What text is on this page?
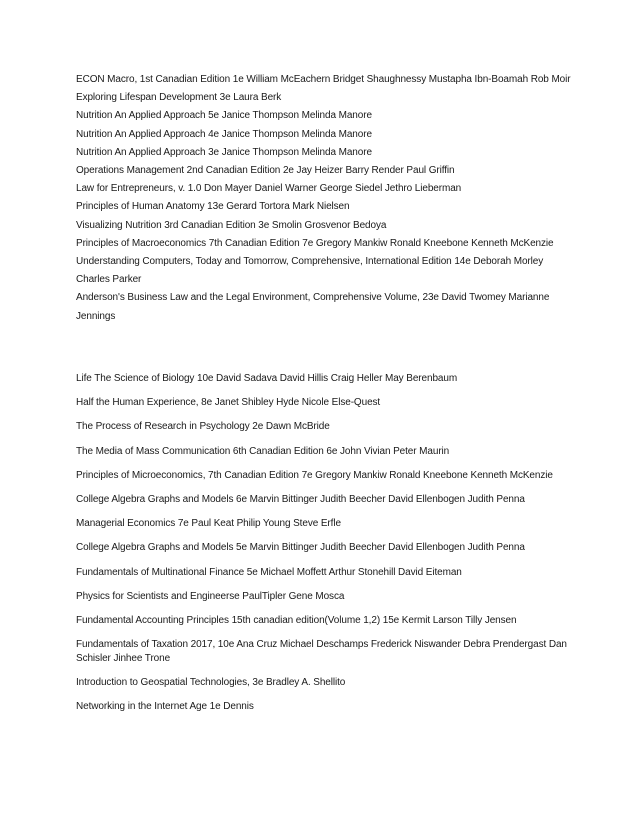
ECON Macro, 1st Canadian Edition 1e William McEachern Bridget Shaughnessy Mustapha Ibn-Boamah Rob Moir

Exploring Lifespan Development 3e Laura Berk

Nutrition An Applied Approach 5e Janice Thompson Melinda Manore

Nutrition An Applied Approach 4e Janice Thompson Melinda Manore

Nutrition An Applied Approach 3e Janice Thompson Melinda Manore

Operations Management 2nd Canadian Edition 2e Jay Heizer Barry Render Paul Griffin

Law for Entrepreneurs, v. 1.0 Don Mayer Daniel Warner George Siedel Jethro Lieberman

Principles of Human Anatomy 13e Gerard Tortora Mark Nielsen

Visualizing Nutrition 3rd Canadian Edition 3e Smolin Grosvenor Bedoya

Principles of Macroeconomics 7th Canadian Edition 7e Gregory Mankiw Ronald Kneebone Kenneth McKenzie

Understanding Computers, Today and Tomorrow, Comprehensive, International Edition 14e Deborah Morley Charles Parker

Anderson's Business Law and the Legal Environment, Comprehensive Volume, 23e David Twomey Marianne Jennings

Life The Science of Biology 10e David Sadava David Hillis Craig Heller May Berenbaum

Half the Human Experience, 8e Janet Shibley Hyde Nicole Else-Quest

The Process of Research in Psychology 2e Dawn McBride

The Media of Mass Communication 6th Canadian Edition 6e John Vivian Peter Maurin

Principles of Microeconomics, 7th Canadian Edition 7e Gregory Mankiw Ronald Kneebone Kenneth McKenzie

College Algebra Graphs and Models 6e Marvin Bittinger Judith Beecher David Ellenbogen Judith Penna

Managerial Economics 7e Paul Keat Philip Young Steve Erfle

College Algebra Graphs and Models 5e Marvin Bittinger Judith Beecher David Ellenbogen Judith Penna

Fundamentals of Multinational Finance 5e Michael Moffett Arthur Stonehill David Eiteman

Physics for Scientists and Engineerse PaulTipler Gene Mosca

Fundamental Accounting Principles 15th canadian edition(Volume 1,2) 15e Kermit Larson Tilly Jensen

Fundamentals of Taxation 2017, 10e Ana Cruz Michael Deschamps Frederick Niswander Debra Prendergast Dan Schisler Jinhee Trone

Introduction to Geospatial Technologies, 3e Bradley A. Shellito

Networking in the Internet Age 1e Dennis
